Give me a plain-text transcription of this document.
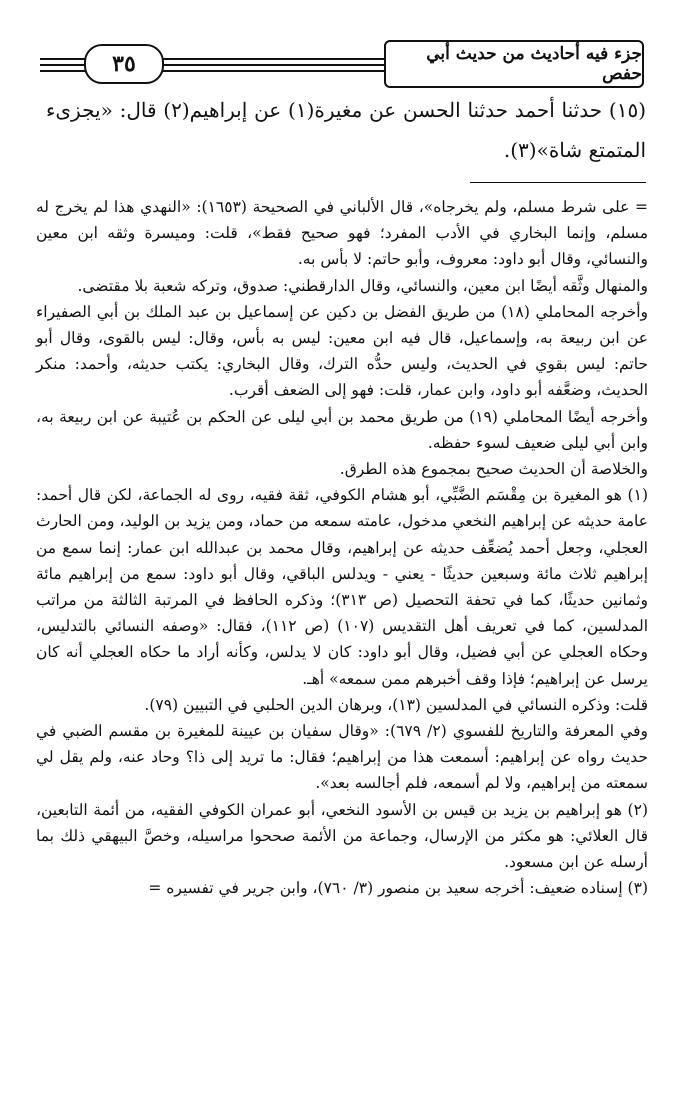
٣٥	جزء فيه أحاديث من حديث أبي حفص

(١٥) حدثنا أحمد حدثنا الحسن عن مغيرة(١) عن إبراهيم(٢) قال: «يجزىء المتمتع شاة»(٣).

= على شرط مسلم، ولم يخرجاه»، قال الألباني في الصحيحة (١٦٥٣): «النهدي هذا لم يخرج له مسلم، وإنما البخاري في الأدب المفرد؛ فهو صحيح فقط»، قلت: وميسرة وثقه ابن معين والنسائي، وقال أبو داود: معروف، وأبو حاتم: لا بأس به.

والمنهال وثَّقه أيضًا ابن معين، والنسائي، وقال الدارقطني: صدوق، وتركه شعبة بلا مقتضى.

وأخرجه المحاملي (١٨) من طريق الفضل بن دكين عن إسماعيل بن عبد الملك بن أبي الصفيراء عن ابن ربيعة به، وإسماعيل، قال فيه ابن معين: ليس به بأس، وقال: ليس بالقوى، وقال أبو حاتم: ليس بقوي في الحديث، وليس حدُّه الترك، وقال البخاري: يكتب حديثه، وأحمد: منكر الحديث، وضعَّفه أبو داود، وابن عمار، قلت: فهو إلى الضعف أقرب.

وأخرجه أيضًا المحاملي (١٩) من طريق محمد بن أبي ليلى عن الحكم بن عُتيبة عن ابن ربيعة به، وابن أبي ليلى ضعيف لسوء حفظه.

والخلاصة أن الحديث صحيح بمجموع هذه الطرق.

(١) هو المغيرة بن مِقْسَم الضَّبِّي، أبو هشام الكوفي، ثقة فقيه، روى له الجماعة، لكن قال أحمد: عامة حديثه عن إبراهيم النخعي مدخول، عامته سمعه من حماد، ومن يزيد بن الوليد، ومن الحارث العجلي، وجعل أحمد يُضعِّف حديثه عن إبراهيم، وقال محمد بن عبدالله ابن عمار: إنما سمع من إبراهيم ثلاث مائة وسبعين حديثًا - يعني - ويدلس الباقي، وقال أبو داود: سمع من إبراهيم مائة وثمانين حديثًا، كما في تحفة التحصيل (ص ٣١٣)؛ وذكره الحافظ في المرتبة الثالثة من مراتب المدلسين، كما في تعريف أهل التقديس (١٠٧) (ص ١١٢)، فقال: «وصفه النسائي بالتدليس، وحكاه العجلي عن أبي فضيل، وقال أبو داود: كان لا يدلس، وكأنه أراد ما حكاه العجلي أنه كان يرسل عن إبراهيم؛ فإذا وقف أخبرهم ممن سمعه» أهـ.

قلت: وذكره النسائي في المدلسين (١٣)، وبرهان الدين الحلبي في التبيين (٧٩).

وفي المعرفة والتاريخ للفسوي (٢/ ٦٧٩): «وقال سفيان بن عيينة للمغيرة بن مقسم الضبي في حديث رواه عن إبراهيم: أسمعت هذا من إبراهيم؛ فقال: ما تريد إلى ذا؟ وحاد عنه، ولم يقل لي سمعته من إبراهيم، ولا لم أسمعه، فلم أجالسه بعد».

(٢) هو إبراهيم بن يزيد بن قيس بن الأسود النخعي، أبو عمران الكوفي الفقيه، من أئمة التابعين، قال العلائي: هو مكثر من الإرسال، وجماعة من الأئمة صححوا مراسيله، وخصَّ البيهقي ذلك بما أرسله عن ابن مسعود.

(٣) إسناده ضعيف: أخرجه سعيد بن منصور (٣/ ٧٦٠)، وابن جرير في تفسيره =
